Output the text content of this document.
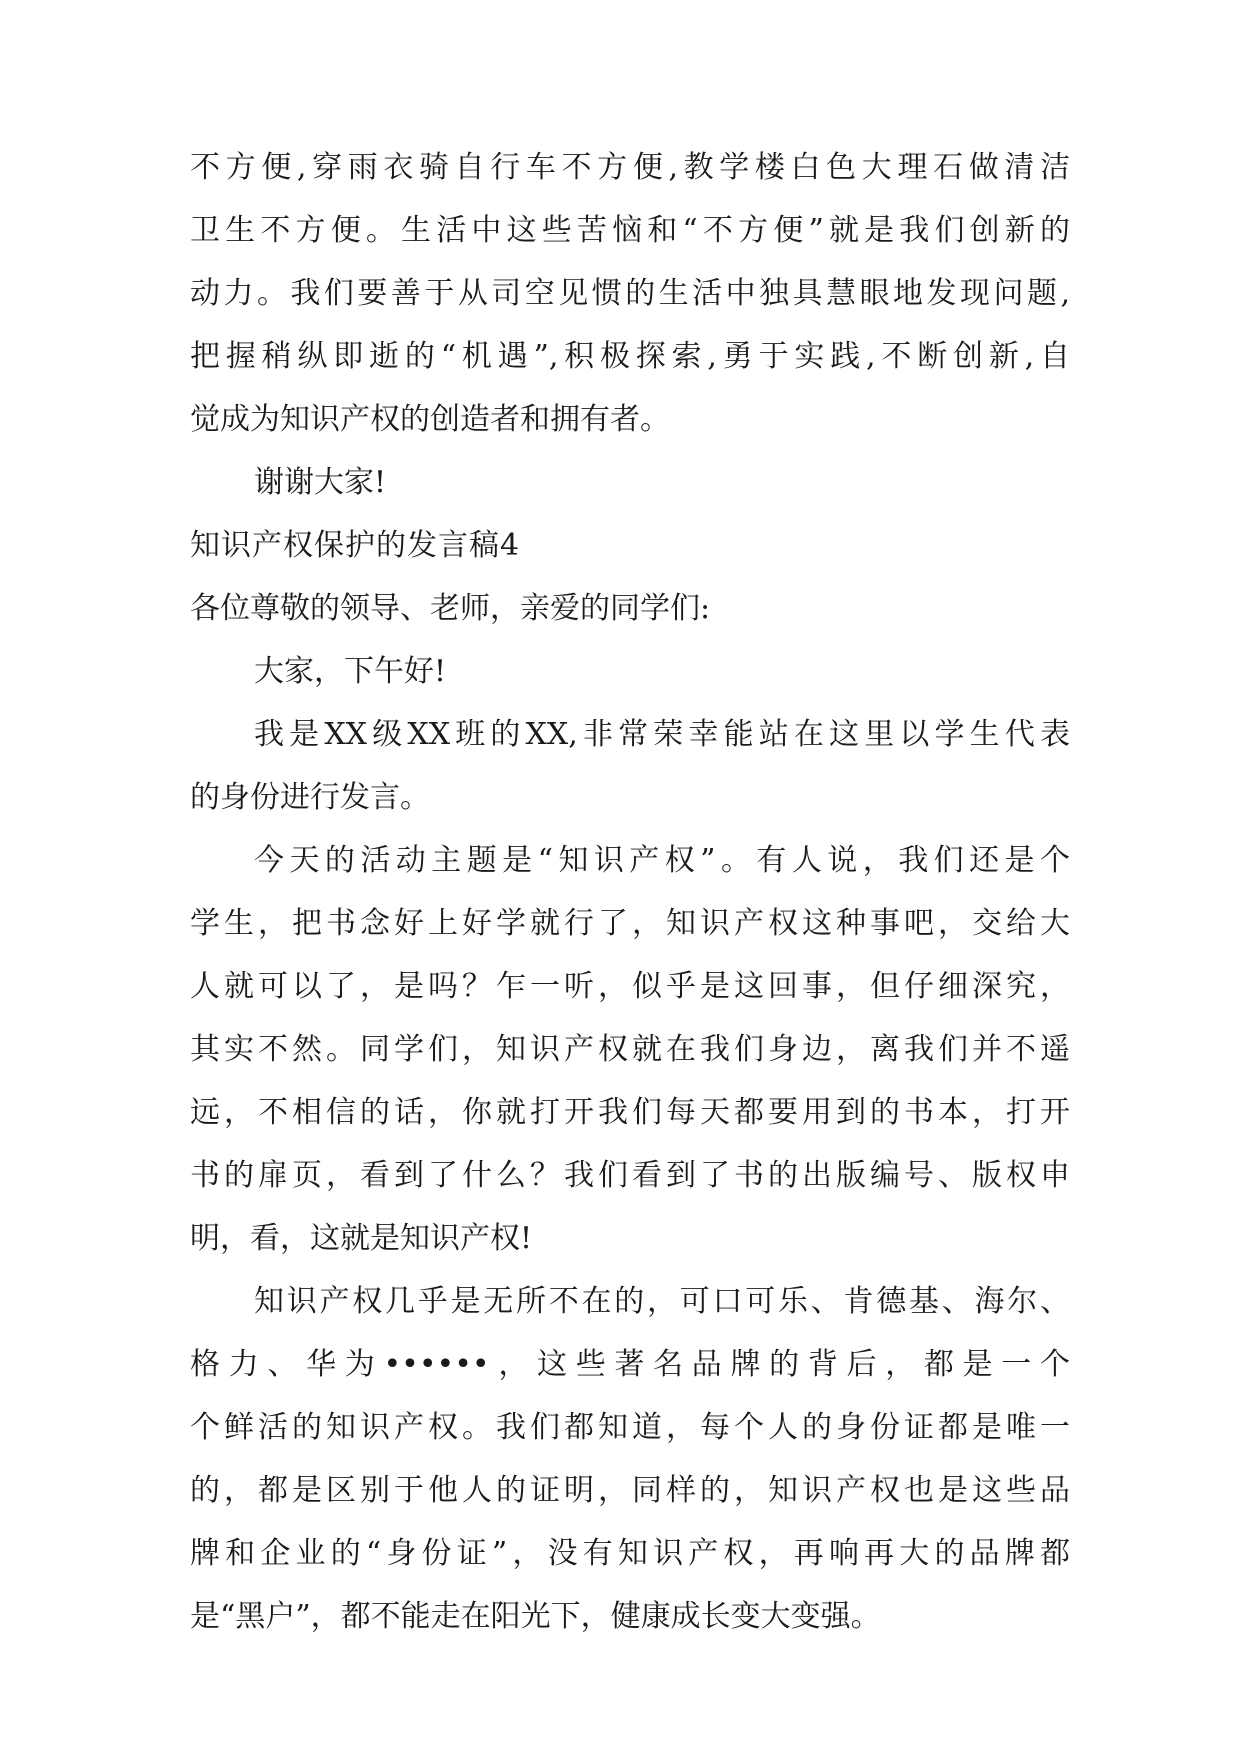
不方便,穿雨衣骑自行车不方便,教学楼白色大理石做清洁
卫生不方便。生活中这些苦恼和“不方便”就是我们创新的
动力。我们要善于从司空见惯的生活中独具慧眼地发现问题,
把握稍纵即逝的“机遇”,积极探索,勇于实践,不断创新,自
觉成为知识产权的创造者和拥有者。
谢谢大家!
知识产权保护的发言稿4
各位尊敬的领导、老师，亲爱的同学们:
大家，下午好!
我是XX级XX班的XX,非常荣幸能站在这里以学生代表
的身份进行发言。
今天的活动主题是“知识产权”。有人说，我们还是个
学生，把书念好上好学就行了，知识产权这种事吧，交给大
人就可以了，是吗？乍一听，似乎是这回事，但仔细深究，
其实不然。同学们，知识产权就在我们身边，离我们并不遥
远，不相信的话，你就打开我们每天都要用到的书本，打开
书的扉页，看到了什么？我们看到了书的出版编号、版权申
明，看，这就是知识产权!
知识产权几乎是无所不在的，可口可乐、肯德基、海尔、
格力、华为••••••，这些著名品牌的背后，都是一个
个鲜活的知识产权。我们都知道，每个人的身份证都是唯一
的，都是区别于他人的证明，同样的，知识产权也是这些品
牌和企业的“身份证”，没有知识产权，再响再大的品牌都
是“黑户”，都不能走在阳光下，健康成长变大变强。
